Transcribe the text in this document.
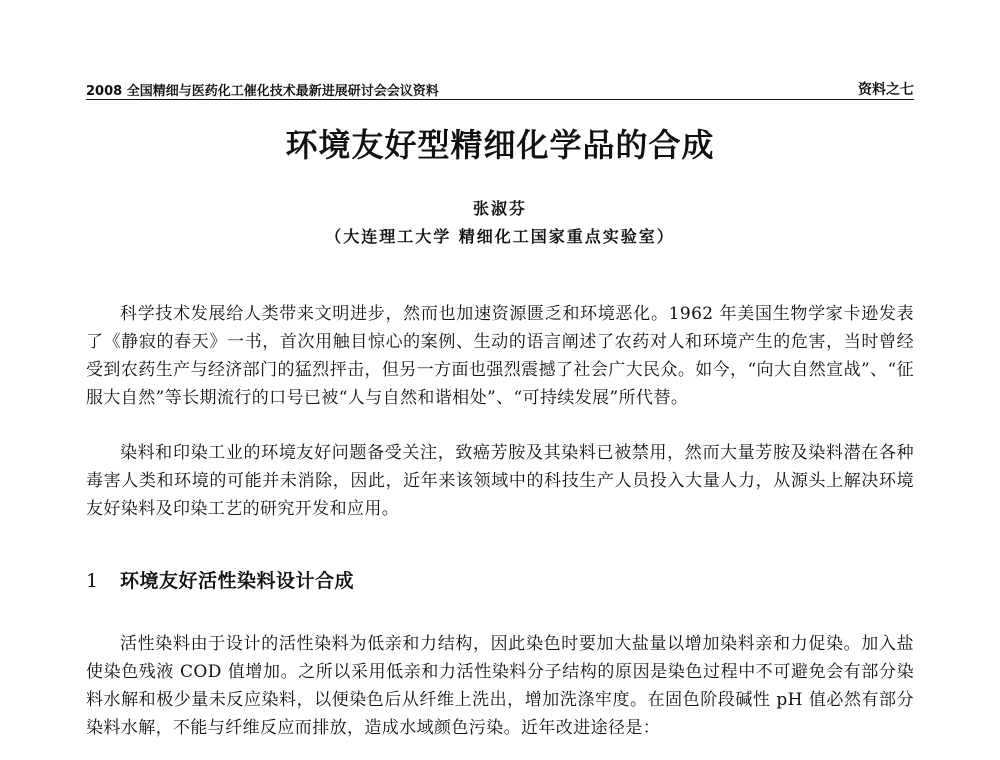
2008 全国精细与医药化工催化技术最新进展研讨会会议资料	资料之七
环境友好型精细化学品的合成
张淑芬
（大连理工大学 精细化工国家重点实验室）
科学技术发展给人类带来文明进步，然而也加速资源匮乏和环境恶化。1962 年美国生物学家卡逊发表了《静寂的春天》一书，首次用触目惊心的案例、生动的语言阐述了农药对人和环境产生的危害，当时曾经受到农药生产与经济部门的猛烈抨击，但另一方面也强烈震撼了社会广大民众。如今，“向大自然宣战”、“征服大自然”等长期流行的口号已被“人与自然和谐相处”、“可持续发展”所代替。
染料和印染工业的环境友好问题备受关注，致癌芳胺及其染料已被禁用，然而大量芳胺及染料潜在各种毒害人类和环境的可能并未消除，因此，近年来该领域中的科技生产人员投入大量人力，从源头上解决环境友好染料及印染工艺的研究开发和应用。
1 环境友好活性染料设计合成
活性染料由于设计的活性染料为低亲和力结构，因此染色时要加大盐量以增加染料亲和力促染。加入盐使染色残液 COD 值增加。之所以采用低亲和力活性染料分子结构的原因是染色过程中不可避免会有部分染料水解和极少量未反应染料，以便染色后从纤维上洗出，增加洗涤牢度。在固色阶段碱性 pH 值必然有部分染料水解，不能与纤维反应而排放，造成水域颜色污染。近年改进途径是：
